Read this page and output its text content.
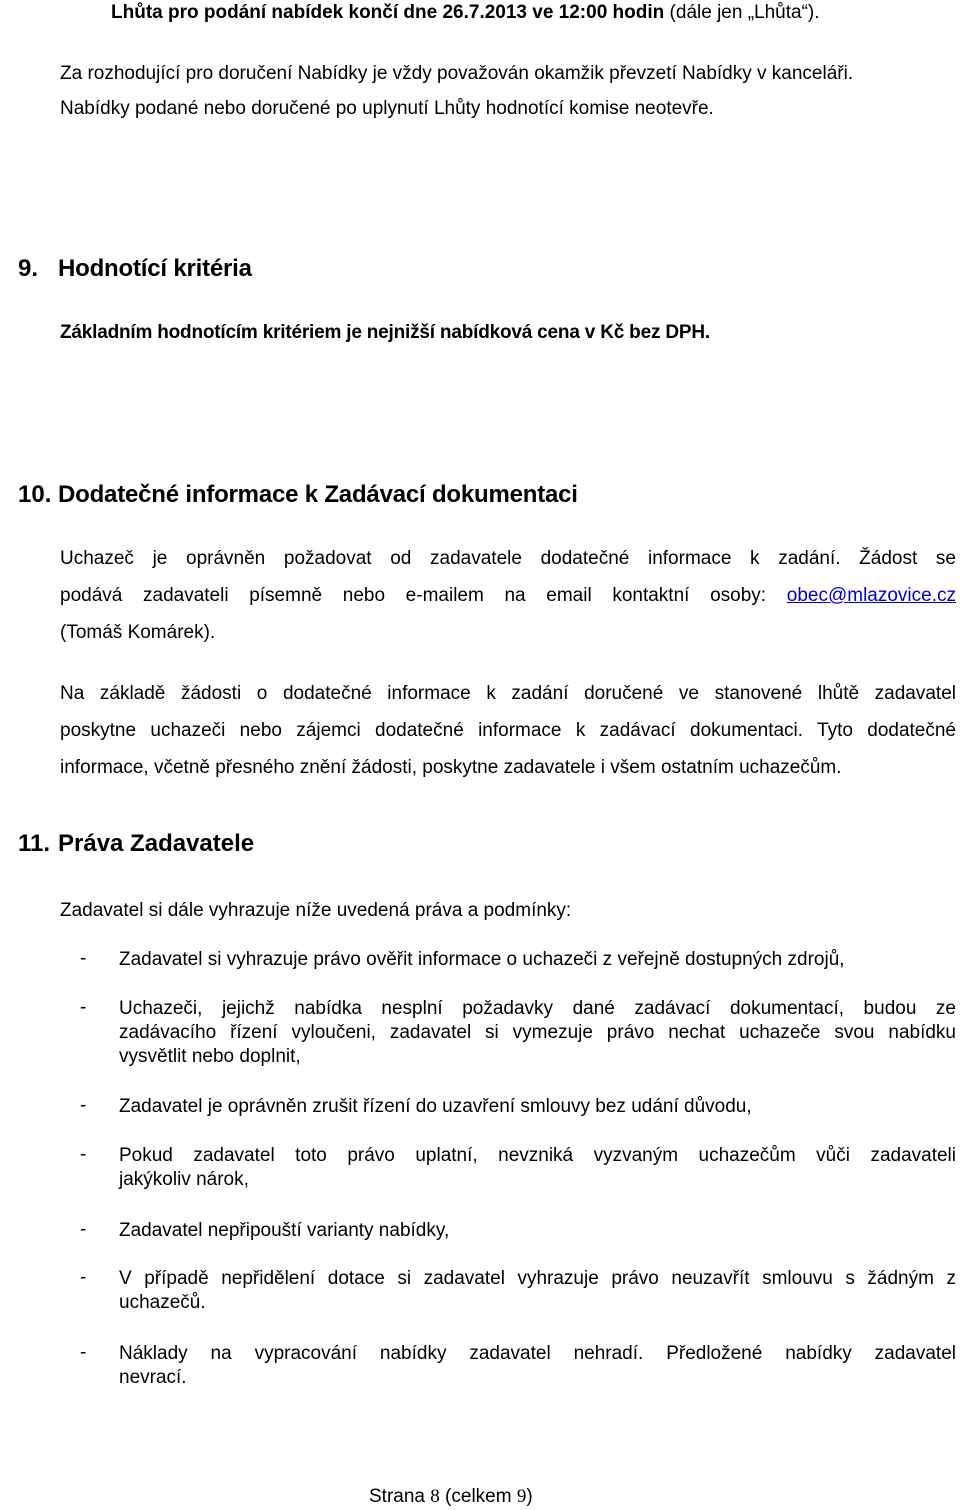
Lhůta pro podání nabídek končí dne 26.7.2013 ve 12:00 hodin (dále jen „Lhůta“).
Za rozhodující pro doručení Nabídky je vždy považován okamžik převzetí Nabídky v kanceláři.
Nabídky podané nebo doručené po uplynutí Lhůty hodnotící komise neotevře.
9. Hodnotící kritéria
Základním hodnotícím kritériem je nejnižší nabídková cena v Kč bez DPH.
10. Dodatečné informace k Zadávací dokumentaci
Uchazeč je oprávněn požadovat od zadavatele dodatečné informace k zadání. Žádost se
podává zadavateli písemně nebo e-mailem na email kontaktní osoby: obec@mlazovice.cz
(Tomáš Komárek).
Na základě žádosti o dodatečné informace k zadání doručené ve stanovené lhůtě zadavatel
poskytne uchazeči nebo zájemci dodatečné informace k zadávací dokumentaci. Tyto dodatečné
informace, včetně přesného znění žádosti, poskytne zadavatele i všem ostatním uchazečům.
11. Práva Zadavatele
Zadavatel si dále vyhrazuje níže uvedená práva a podmínky:
- Zadavatel si vyhrazuje právo ověřit informace o uchazeči z veřejně dostupných zdrojů,
- Uchazeči, jejichž nabídka nesplní požadavky dané zadávací dokumentací, budou ze
zadávacího řízení vyloučeni, zadavatel si vymezuje právo nechat uchazeče svou nabídku
vysvětlit nebo doplnit,
- Zadavatel je oprávněn zrušit řízení do uzavření smlouvy bez udání důvodu,
- Pokud zadavatel toto právo uplatní, nevzniká vyzvaným uchazečům vůči zadavateli
jakýkoliv nárok,
- Zadavatel nepřipouští varianty nabídky,
- V případě nepřidělení dotace si zadavatel vyhrazuje právo neuzavřít smlouvu s žádným z
uchazečů.
- Náklady na vypracování nabídky zadavatel nehradí. Předložené nabídky zadavatel
nevrací.
Strana 8 (celkem 9)
